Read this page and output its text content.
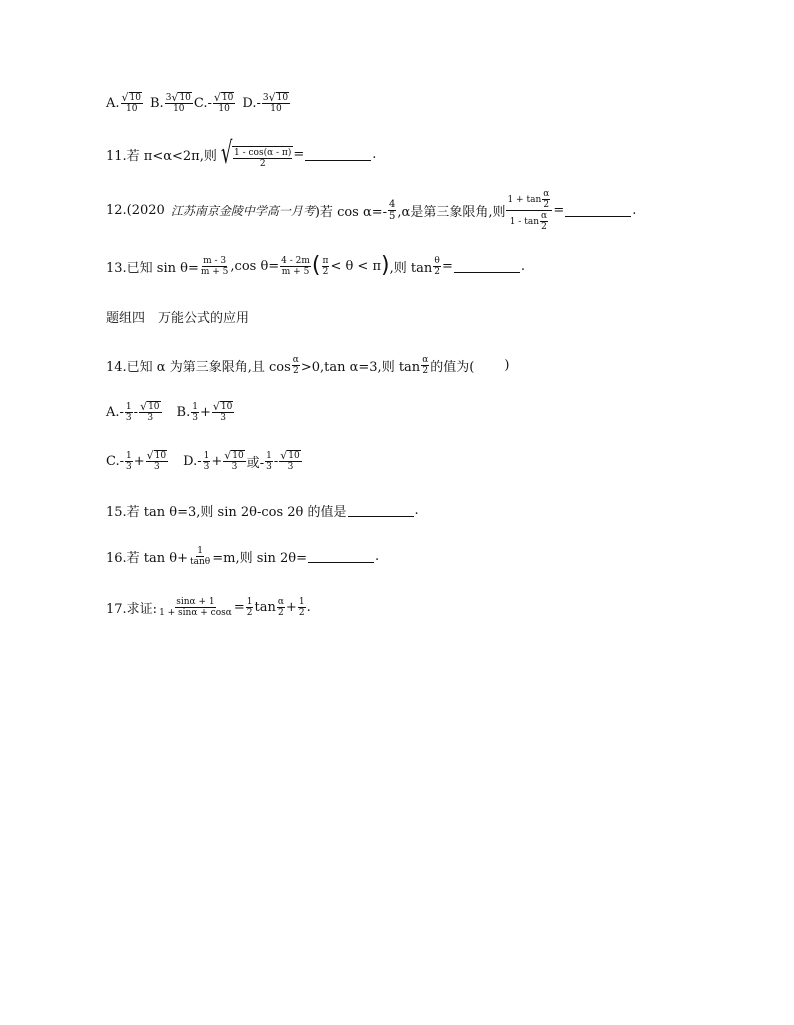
A. √ 10
10 B. 3 √ 10
10 C.- √ 10
10 D.- 3 √ 10
10
11.若 π<α<2π,则 √ $\frac{1 - \cos(\alpha - \pi)}{2}$ =	.
12.(2020 江苏南京金陵中学高一月考 )若 cos α=-
4
5 ,α是第三象限角,则 $\frac{1 + \tan \frac{\alpha}{2}}{1 - \tan \frac{\alpha}{2}}$ =	.
13.已知 $\sin \theta= \frac{m - 3}{m + 5} ,\cos$ $\theta= \frac{4 - 2m}{m + 5}$ ( π
2 < θ < π ) ,则 $\tan \frac{\theta}{2}$ =	.
题组四　万能公式的应用
14.已知 α 为第三象限角,且 cos α
2 >0,tan α=3,则 tan α
2 的值为( )
A.- 1
3 - √ 10
3 B. 1
$3 + \frac{√ 10}{3}$
C.- 1
$3 + \frac{√ 10}{3} D.-$ 1
$3 + \frac{√ 10}{3}$ 或- 1
3 - √ 10
3
15.若 tan θ=3,则 sin 2θ-cos 2θ 的值是	.
16.若 $\tan \theta+ \frac{1}{\tan\theta} =m$,则 sin 2θ=	.
17.求证: $\frac{\sin\alpha + 1}{1 + \sin\alpha + \cos\alpha} = \frac{1}{2}$ tan α
$2 + \frac{1}{2}$ .
